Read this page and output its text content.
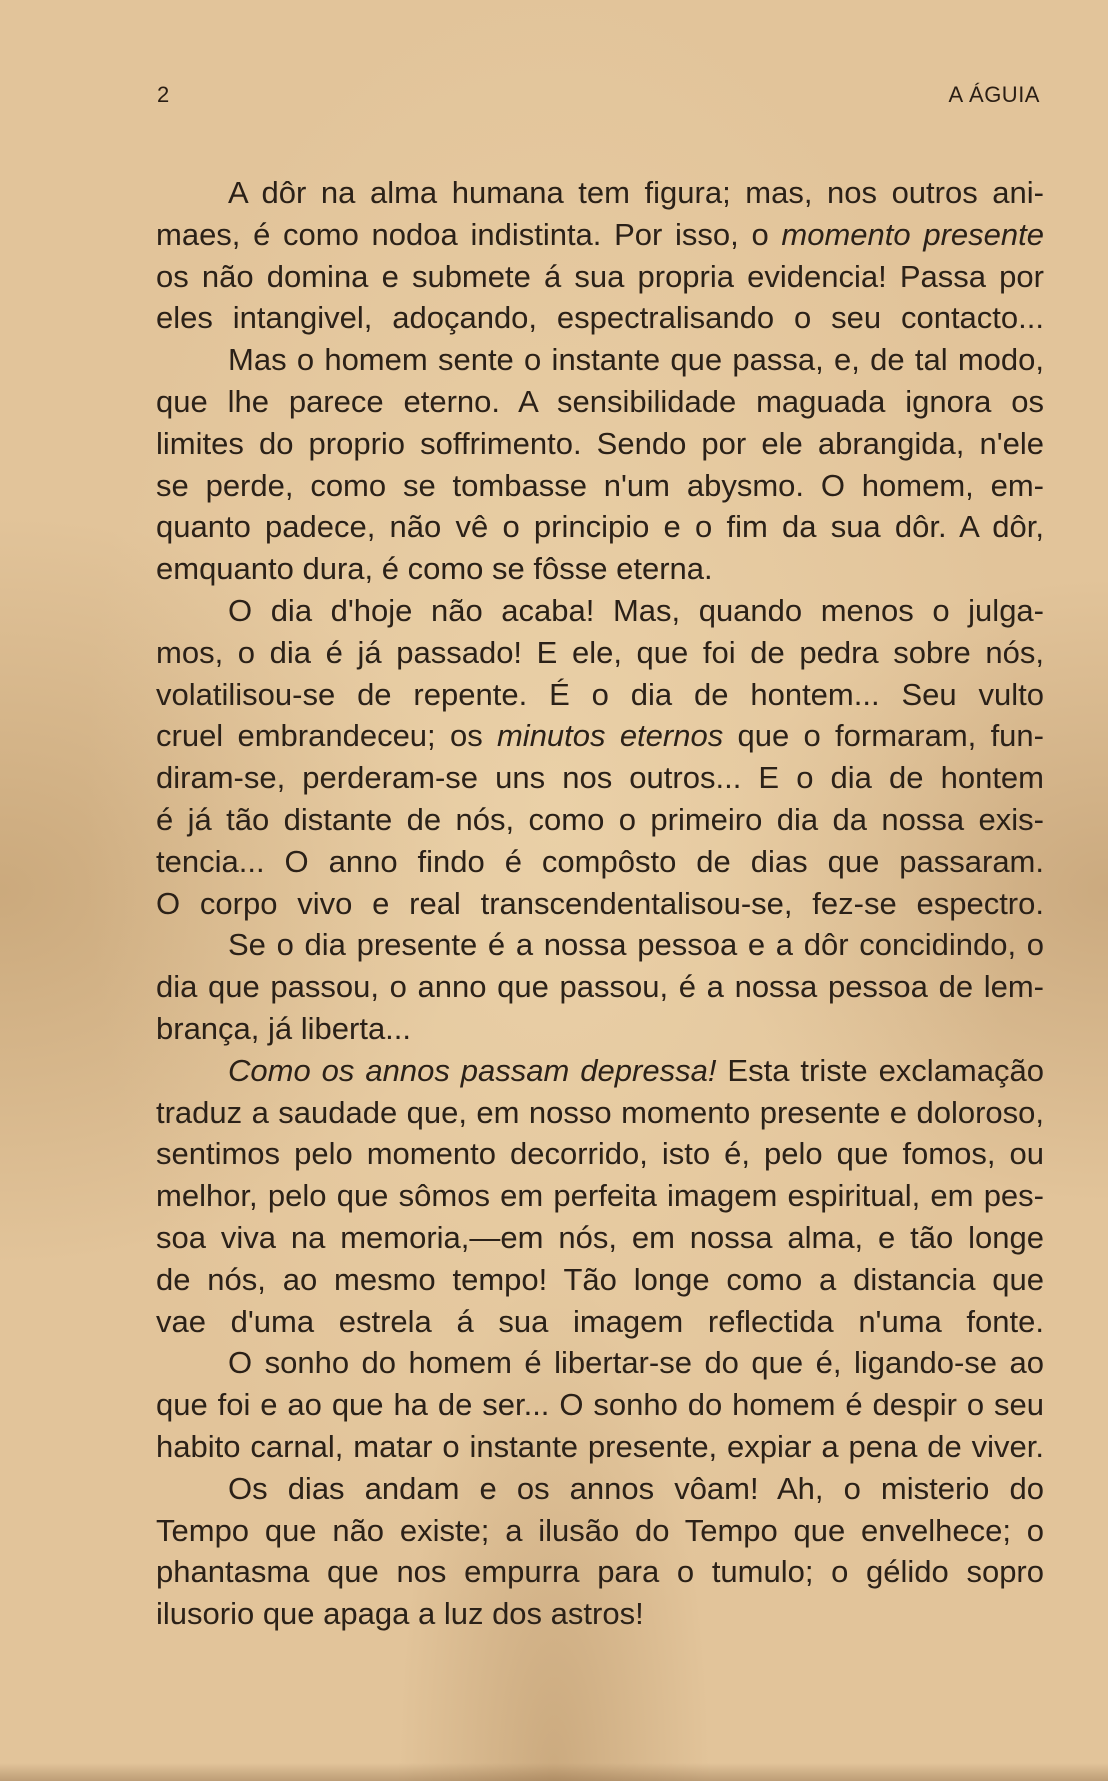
2	A ÁGUIA
A dôr na alma humana tem figura; mas, nos outros ani-
maes, é como nodoa indistinta. Por isso, o momento presente
os não domina e submete á sua propria evidencia! Passa por
eles intangivel, adoçando, espectralisando o seu contacto...
Mas o homem sente o instante que passa, e, de tal modo,
que lhe parece eterno. A sensibilidade maguada ignora os
limites do proprio soffrimento. Sendo por ele abrangida, n'ele
se perde, como se tombasse n'um abysmo. O homem, em-
quanto padece, não vê o principio e o fim da sua dôr. A dôr,
emquanto dura, é como se fôsse eterna.
O dia d'hoje não acaba! Mas, quando menos o julga-
mos, o dia é já passado! E ele, que foi de pedra sobre nós,
volatilisou-se de repente. É o dia de hontem... Seu vulto
cruel embrandeceu; os minutos eternos que o formaram, fun-
diram-se, perderam-se uns nos outros... E o dia de hontem
é já tão distante de nós, como o primeiro dia da nossa exis-
tencia... O anno findo é compôsto de dias que passaram.
O corpo vivo e real transcendentalisou-se, fez-se espectro.
Se o dia presente é a nossa pessoa e a dôr concidindo, o
dia que passou, o anno que passou, é a nossa pessoa de lem-
brança, já liberta...
Como os annos passam depressa! Esta triste exclamação
traduz a saudade que, em nosso momento presente e doloroso,
sentimos pelo momento decorrido, isto é, pelo que fomos, ou
melhor, pelo que sômos em perfeita imagem espiritual, em pes-
soa viva na memoria,—em nós, em nossa alma, e tão longe
de nós, ao mesmo tempo! Tão longe como a distancia que
vae d'uma estrela á sua imagem reflectida n'uma fonte.
O sonho do homem é libertar-se do que é, ligando-se ao
que foi e ao que ha de ser... O sonho do homem é despir o seu
habito carnal, matar o instante presente, expiar a pena de viver.
Os dias andam e os annos vôam! Ah, o misterio do
Tempo que não existe; a ilusão do Tempo que envelhece; o
phantasma que nos empurra para o tumulo; o gélido sopro
ilusorio que apaga a luz dos astros!
